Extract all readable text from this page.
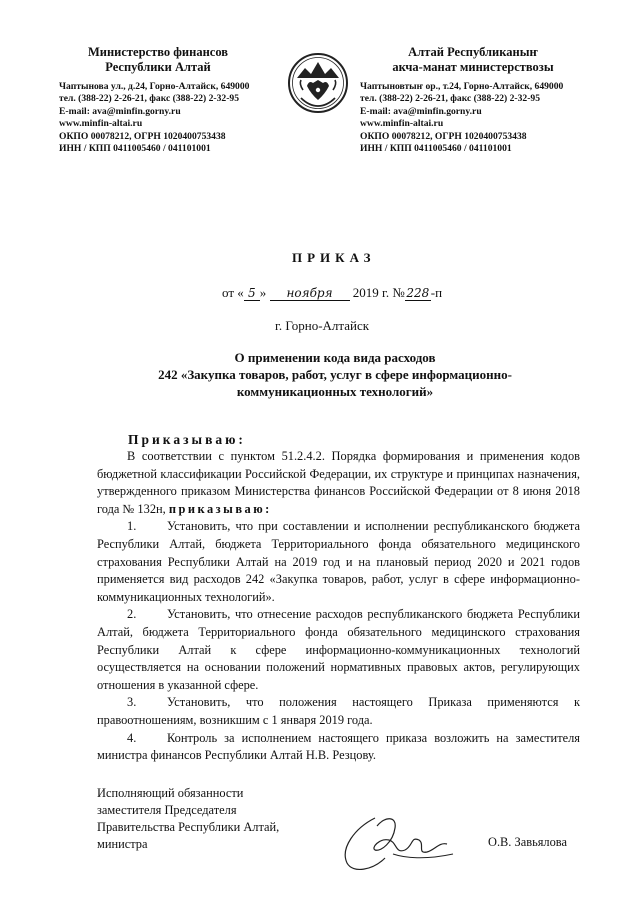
Министерство финансов
Республики Алтай
Чаптынова ул., д.24, Горно-Алтайск, 649000
тел. (388-22) 2-26-21, факс (388-22) 2-32-95
E-mail: ava@minfin.gorny.ru
www.minfin-altai.ru
ОКПО 00078212, ОГРН 1020400753438
ИНН / КПП 0411005460 / 041101001
Алтай Республиканыҥ
акча-манат министерствозы
Чаптыновтыҥ ор., т.24, Горно-Алтайск, 649000
тел. (388-22) 2-26-21, факс (388-22) 2-32-95
E-mail: ava@minfin.gorny.ru
www.minfin-altai.ru
ОКПО 00078212, ОГРН 1020400753438
ИНН / КПП 0411005460 / 041101001
ПРИКАЗ
от « 5 » ноября 2019 г. № 228 -п
г. Горно-Алтайск
О применении кода вида расходов
242 «Закупка товаров, работ, услуг в сфере информационно-
коммуникационных технологий»
Приказываю:

В соответствии с пунктом 51.2.4.2. Порядка формирования и применения кодов бюджетной классификации Российской Федерации, их структуре и принципах назначения, утвержденного приказом Министерства финансов Российской Федерации от 8 июня 2018 года № 132н, приказываю:

1. Установить, что при составлении и исполнении республиканского бюджета Республики Алтай, бюджета Территориального фонда обязательного медицинского страхования Республики Алтай на 2019 год и на плановый период 2020 и 2021 годов применяется вид расходов 242 «Закупка товаров, работ, услуг в сфере информационно-коммуникационных технологий».

2. Установить, что отнесение расходов республиканского бюджета Республики Алтай, бюджета Территориального фонда обязательного медицинского страхования Республики Алтай к сфере информационно-коммуникационных технологий осуществляется на основании положений нормативных правовых актов, регулирующих отношения в указанной сфере.

3. Установить, что положения настоящего Приказа применяются к правоотношениям, возникшим с 1 января 2019 года.

4. Контроль за исполнением настоящего приказа возложить на заместителя министра финансов Республики Алтай Н.В. Резцову.

Исполняющий обязанности
заместителя Председателя
Правительства Республики Алтай,
министра	О.В. Завьялова
